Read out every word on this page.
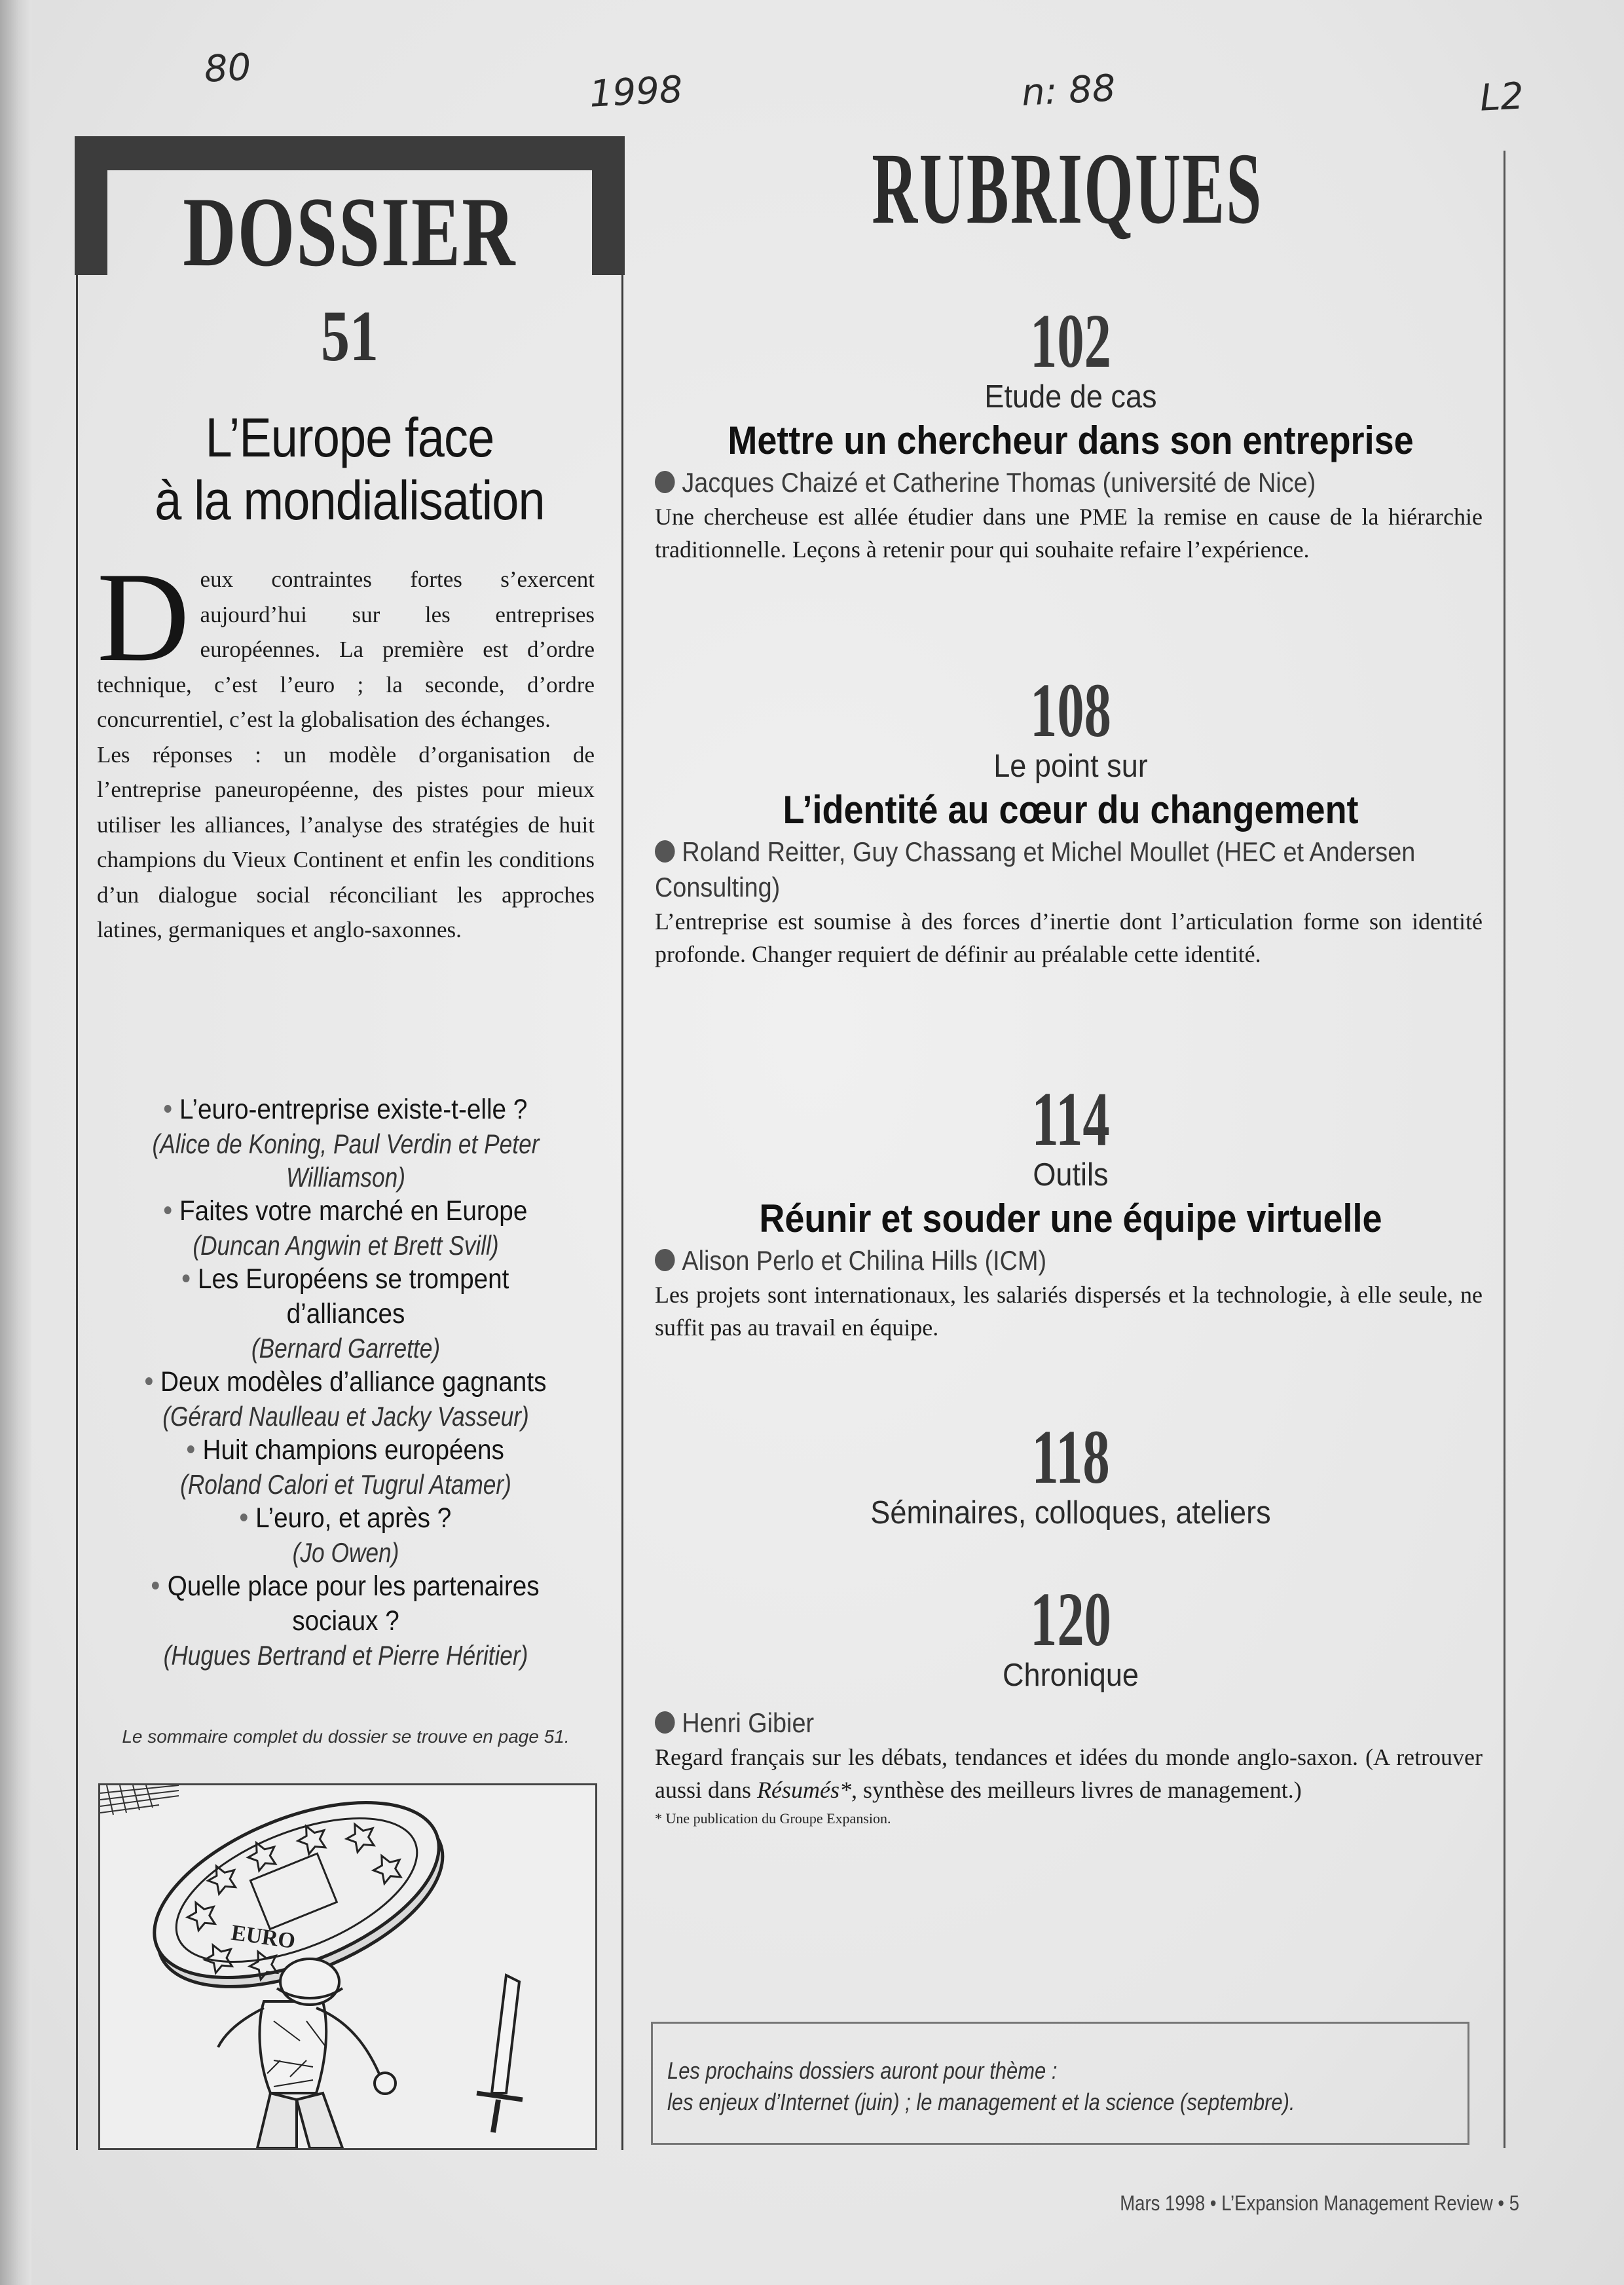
80	1998	n: 88	L2
DOSSIER
51
L’Europe face
à la mondialisation
D eux contraintes fortes s’exercent aujourd’hui sur les entreprises européennes. La première est d’ordre technique, c’est l’euro ; la seconde, d’ordre concurrentiel, c’est la globalisation des échanges.
Les réponses : un modèle d’organisation de l’entreprise paneuropéenne, des pistes pour mieux utiliser les alliances, l’analyse des stratégies de huit champions du Vieux Continent et enfin les conditions d’un dialogue social réconciliant les approches latines, germaniques et anglo-saxonnes.
L’euro-entreprise existe-t-elle ?
(Alice de Koning, Paul Verdin et Peter
Williamson)
Faites votre marché en Europe
(Duncan Angwin et Brett Svill)
Les Européens se trompent
d’alliances
(Bernard Garrette)
Deux modèles d’alliance gagnants
(Gérard Naulleau et Jacky Vasseur)
Huit champions européens
(Roland Calori et Tugrul Atamer)
L’euro, et après ?
(Jo Owen)
Quelle place pour les partenaires
sociaux ?
(Hugues Bertrand et Pierre Héritier)
Le sommaire complet du dossier se trouve en page 51.
EURO
RUBRIQUES
102
Etude de cas
Mettre un chercheur dans son entreprise
Jacques Chaizé et Catherine Thomas (université de Nice)
Une chercheuse est allée étudier dans une PME la remise en cause de la hiérarchie traditionnelle. Leçons à retenir pour qui souhaite refaire l’expérience.
108
Le point sur
L’identité au cœur du changement
Roland Reitter, Guy Chassang et Michel Moullet (HEC et Andersen Consulting)
L’entreprise est soumise à des forces d’inertie dont l’articulation forme son identité profonde. Changer requiert de définir au préalable cette identité.
114
Outils
Réunir et souder une équipe virtuelle
Alison Perlo et Chilina Hills (ICM)
Les projets sont internationaux, les salariés dispersés et la technologie, à elle seule, ne suffit pas au travail en équipe.
118
Séminaires, colloques, ateliers
120
Chronique
Henri Gibier
Regard français sur les débats, tendances et idées du monde anglo-saxon. (A retrouver aussi dans Résumés*, synthèse des meilleurs livres de management.)
* Une publication du Groupe Expansion.

Les prochains dossiers auront pour thème :

les enjeux d’Internet (juin) ; le management et la science (septembre).

Mars 1998 • L’Expansion Management Review • 5
